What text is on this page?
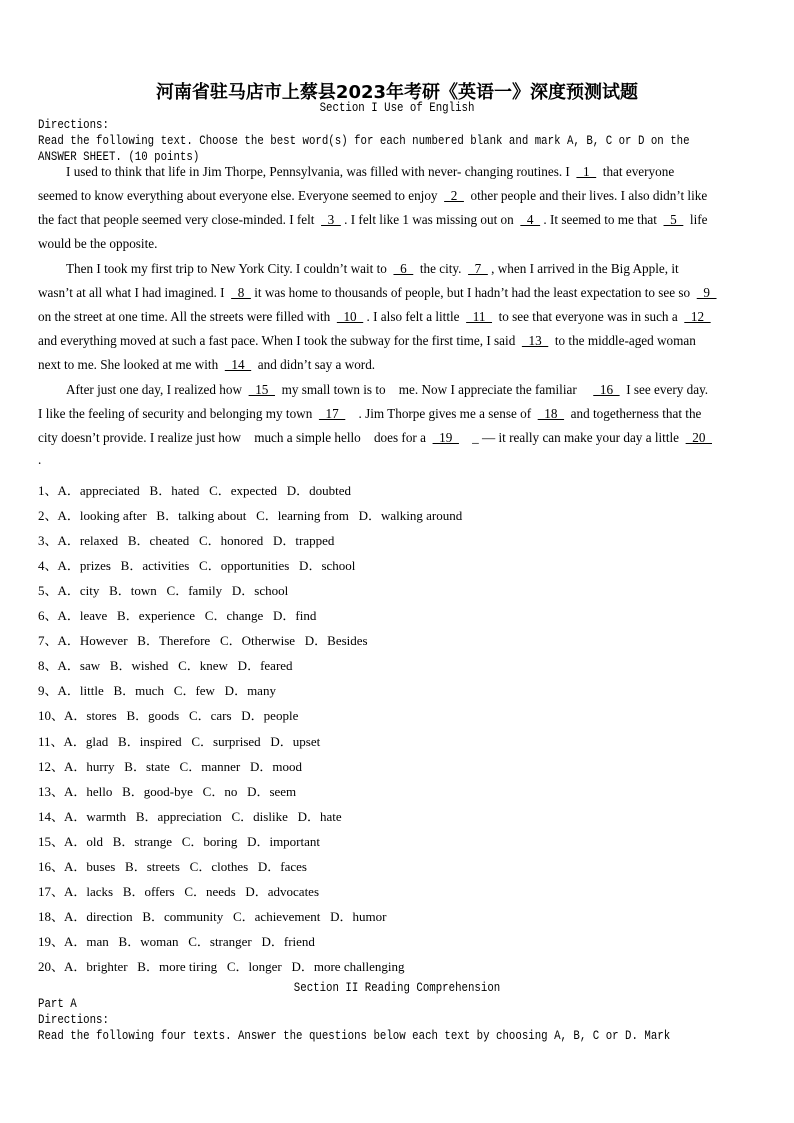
河南省驻马店市上蔡县2023年考研《英语一》深度预测试题
Section I Use of English
Directions:
Read the following text. Choose the best word(s) for each numbered blank and mark A, B, C or D on the
ANSWER SHEET. (10 points)
I used to think that life in Jim Thorpe, Pennsylvania, was filled with never- changing routines. I    1    that everyone
seemed to know everything about everyone else. Everyone seemed to enjoy    2    other people and their lives. I also didn’t like
the fact that people seemed very close-minded. I felt    3   . I felt like 1 was missing out on    4   . It seemed to me that    5    life
would be the opposite.
Then I took my first trip to New York City. I couldn’t wait to    6    the city.    7   , when I arrived in the Big Apple, it
wasn’t at all what I had imagined. I    8   it was home to thousands of people, but I hadn’t had the least expectation to see so    9
on the street at one time. All the streets were filled with    10   . I also felt a little    11    to see that everyone was in such a    12
and everything moved at such a fast pace. When I took the subway for the first time, I said    13    to the middle-aged woman
next to me. She looked at me with    14    and didn’t say a word.
After just one day, I realized how    15    my small town is to    me. Now I appreciate the familiar       16    I see every day.
I like the feeling of security and belonging my town    17      . Jim Thorpe gives me a sense of    18    and togetherness that the
city doesn’t provide. I realize just how    much a simple hello    does for a    19      _ — it really can make your day a little    20
.
1、A．appreciated   B．hated   C．expected   D．doubted
2、A．looking after   B．talking about   C．learning from   D．walking around
3、A．relaxed   B．cheated   C．honored   D．trapped
4、A．prizes   B．activities   C．opportunities   D．school
5、A．city   B．town   C．family   D．school
6、A．leave   B．experience   C．change   D．find
7、A．However   B．Therefore   C．Otherwise   D．Besides
8、A．saw   B．wished   C．knew   D．feared
9、A．little   B．much   C．few   D．many
10、A．stores   B．goods   C．cars   D．people
11、A．glad   B．inspired   C．surprised   D．upset
12、A．hurry   B．state   C．manner   D．mood
13、A．hello   B．good-bye   C．no   D．seem
14、A．warmth   B．appreciation   C．dislike   D．hate
15、A．old   B．strange   C．boring   D．important
16、A．buses   B．streets   C．clothes   D．faces
17、A．lacks   B．offers   C．needs   D．advocates
18、A．direction   B．community   C．achievement   D．humor
19、A．man   B．woman   C．stranger   D．friend
20、A．brighter   B．more tiring   C．longer   D．more challenging
Section II Reading Comprehension
Part A
Directions:
Read the following four texts. Answer the questions below each text by choosing A, B, C or D. Mark
